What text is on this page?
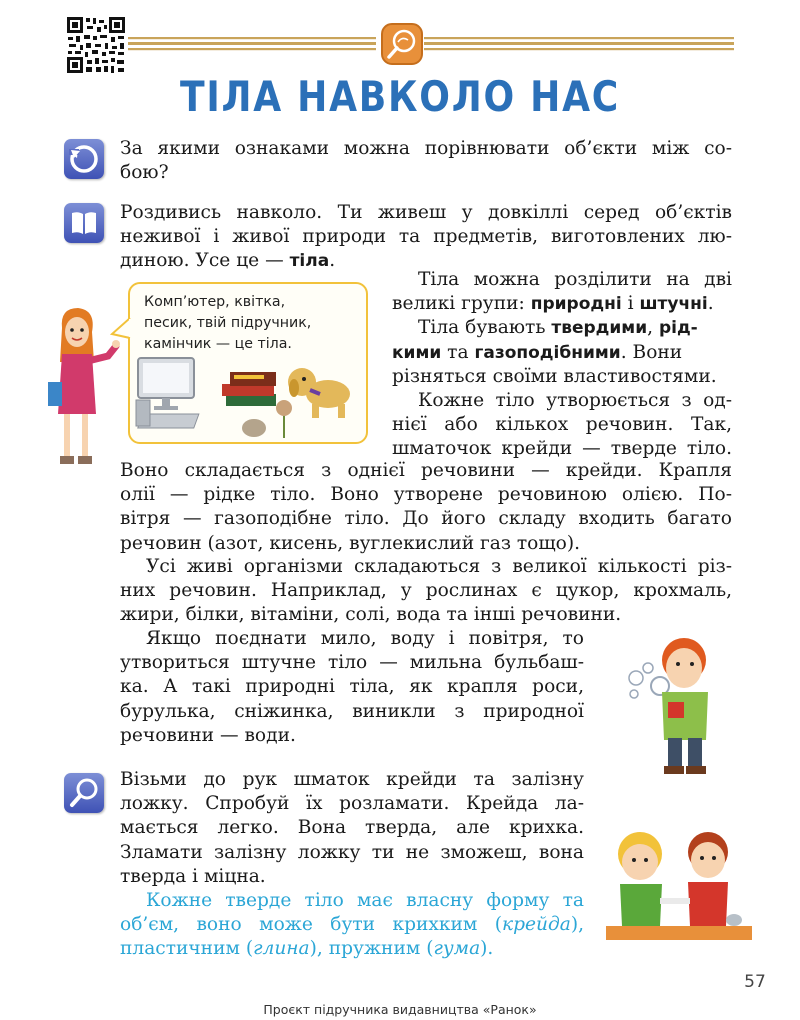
ТІЛА НАВКОЛО НАС
За якими ознаками можна порівнювати об’єкти між со-
бою?
Роздивись навколо. Ти живеш у довкіллі серед об’єктів
неживої і живої природи та предметів, виготовлених лю-
диною. Усе це — тіла.
Комп’ютер, квітка,
песик, твій підручник,
камінчик — це тіла.
Тіла можна розділити на дві
великі групи: природні і штучні.
Тіла бувають твердими, рід-
кими та газоподібними. Вони
різняться своїми властивостями.
Кожне тіло утворюється з од-
нієї або кількох речовин. Так,
шматочок крейди — тверде тіло.
Воно складається з однієї речовини — крейди. Крапля
олії — рідке тіло. Воно утворене речовиною олією. По-
вітря — газоподібне тіло. До його складу входить багато
речовин (азот, кисень, вуглекислий газ тощо).
Усі живі організми складаються з великої кількості різ-
них речовин. Наприклад, у рослинах є цукор, крохмаль,
жири, білки, вітаміни, солі, вода та інші речовини.
Якщо поєднати мило, воду і повітря, то
утвориться штучне тіло — мильна бульбаш-
ка. А такі природні тіла, як крапля роси,
бурулька, сніжинка, виникли з природної
речовини — води.
Візьми до рук шматок крейди та залізну
ложку. Спробуй їх розламати. Крейда ла-
мається легко. Вона тверда, але крихка.
Зламати залізну ложку ти не зможеш, вона
тверда і міцна.
Кожне тверде тіло має власну форму та
об’єм, воно може бути крихким (крейда),
пластичним (глина), пружним (гума).
57
Проєкт підручника видавництва «Ранок»
